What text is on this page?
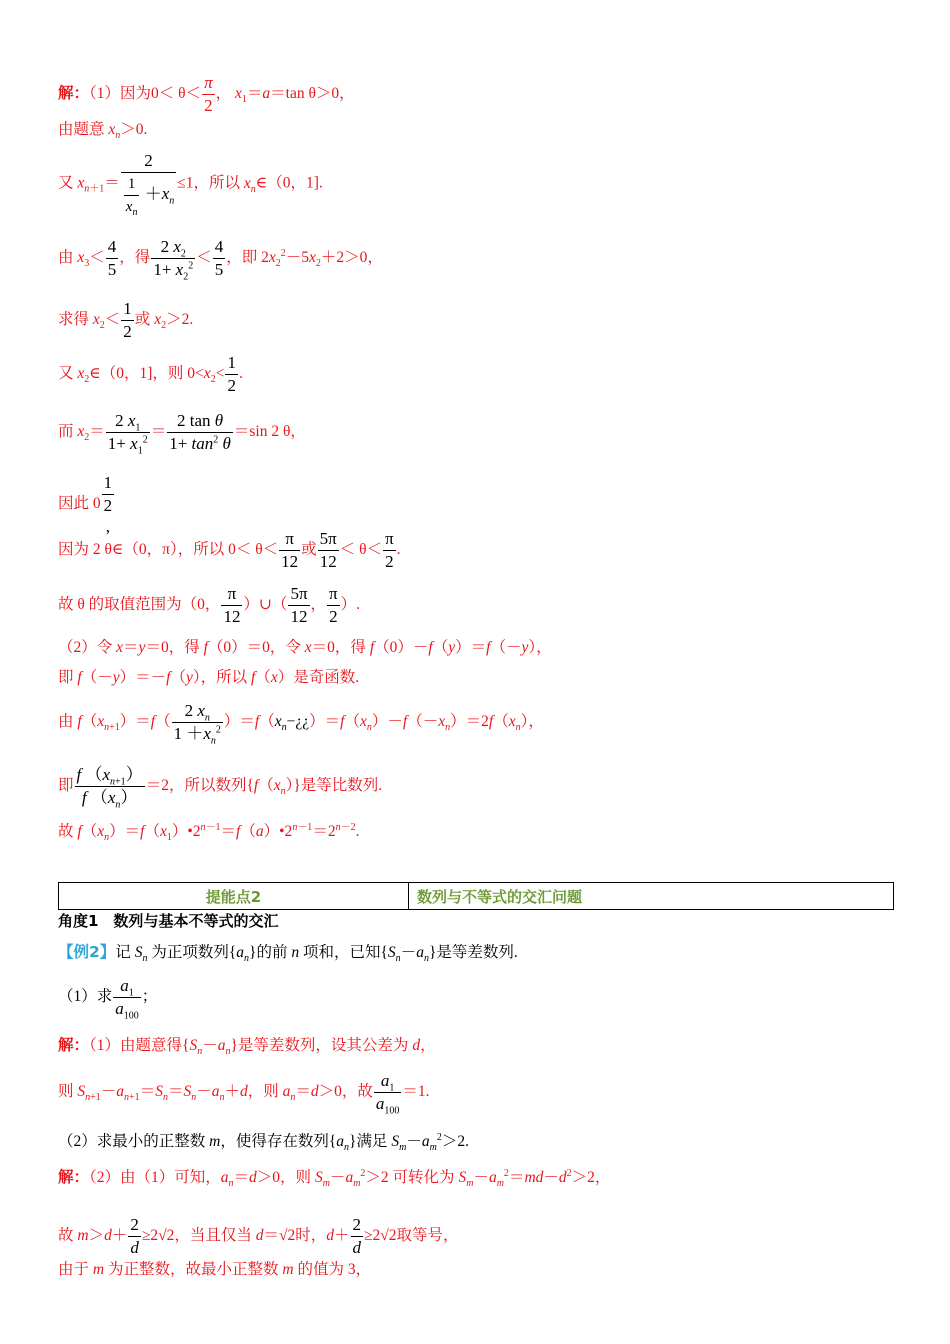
解：（1）因为$0< \theta< \frac{\pi}{2}$ ， $x_1=a=\tan$ θ＞0，
由题意 $x_n>0$.
又 $x_{n+1}= \frac{2}{\frac{1}{x_n} +x_n} \le 1$，所以 $x_n\in(0$，1].
由 $x_3< \frac{4}{5}$ ，得 $\frac{2 x_2}{1+ x_2^2} < \frac{4}{5}$ ，即 $2x_2^2-5x_2+2>0$，
求得 $x_2< \frac{1}{2}$ 或 $x_2>2$.
又 $x_2\in(0$，1]，则 $0<x_2< \frac{1}{2}$ .
而 $x_2= \frac{2 x_1}{1+ x_1^2} = \frac{\text{2 tan θ}}{1+ \tan^2 \theta} =\sin$ 2 θ，
因此 0
1
2
,
因为 2 θ∈（0，π），所以 $0< \theta< \frac{\pi}{12}$ 或 $\frac{5\pi}{12} < \theta< \frac{\pi}{2}$ .
故 θ 的取值范围为（0， $\frac{\pi}{12}$ ）∪（ $\frac{5\pi}{12}$ ， $\frac{\pi}{2}$ ）.
（2）令 x＝y＝0，得 f（0）＝0，令 x＝0，得 f（0）－f（y）＝f（－y），
即 f（－y）＝－f（y），所以 f（x）是奇函数.
由 $f(x_{n+1})=f( \frac{2 x_n}{1 +x_n^2}$ ）$=f(x_n-¿¿)=f(x_n)-f(-x_n)=2f(x_n)$，
即 $\frac{f (x_{n+1})}{f (x_n)} =2$，所以数列$\{f(x_n)\}$是等比数列.
故 $f(x_n)=f(x_1)•2^{n-1}=f(a)•2^{n-1}=2^{n-2}$.
提能点2	数列与不等式的交汇问题
角度1　数列与基本不等式的交汇
【例2】记 $S_n$ 为正项数列$\{a_n\}$的前 n 项和，已知$\{S_n-a_n\}$是等差数列.
（1）求 $\frac{a_1}{a_{100}}$ ；
解：（1）由题意得$\{S_n-a_n\}$是等差数列，设其公差为 d，
则 $S_{n+1}-a_{n+1}=S_n=S_n-a_n+d$，则 $a_n=d>0$，故 $\frac{a_1}{a_{100}} =1$.
（2）求最小的正整数 m，使得存在数列$\{a_n\}$满足 $S_m-a_m^2>2$.
解：（2）由（1）可知，$a_n=d>0$，则 $S_m-a_m^2>2$ 可转化为 $S_m-a_m^2=md-d^2>2$，
故 $m>d+ \frac{2}{d} \ge 2√2$，当且仅当 d＝√2时，$d+ \frac{2}{d} \ge 2√2$取等号，
由于 m 为正整数，故最小正整数 m 的值为 3，
